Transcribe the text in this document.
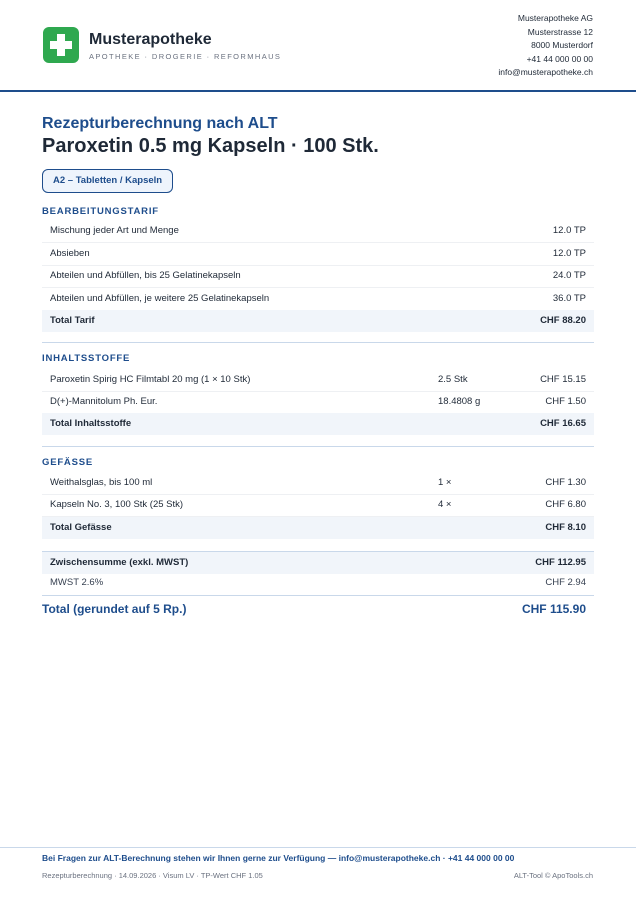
Musterapotheke
APOTHEKE · DROGERIE · REFORMHAUS
Musterapotheke AG
Musterstrasse 12
8000 Musterdorf
+41 44 000 00 00
info@musterapotheke.ch
Rezepturberechnung nach ALT
Paroxetin 0.5 mg Kapseln · 100 Stk.
A2 – Tabletten / Kapseln
BEARBEITUNGSTARIF
Mischung jeder Art und Menge	12.0 TP
Absieben	12.0 TP
Abteilen und Abfüllen, bis 25 Gelatinekapseln	24.0 TP
Abteilen und Abfüllen, je weitere 25 Gelatinekapseln	36.0 TP
Total Tarif	CHF 88.20
INHALTSSTOFFE
Paroxetin Spirig HC Filmtabl 20 mg (1 × 10 Stk)	2.5 Stk	CHF 15.15
D(+)-Mannitolum Ph. Eur.	18.4808 g	CHF 1.50
Total Inhaltsstoffe	CHF 16.65
GEFÄSSE
Weithalsglas, bis 100 ml	1 ×	CHF 1.30
Kapseln No. 3, 100 Stk (25 Stk)	4 ×	CHF 6.80
Total Gefässe	CHF 8.10
Zwischensumme (exkl. MWST)	CHF 112.95
MWST 2.6%	CHF 2.94
Total (gerundet auf 5 Rp.)	CHF 115.90
Bei Fragen zur ALT-Berechnung stehen wir Ihnen gerne zur Verfügung — info@musterapotheke.ch · +41 44 000 00 00
Rezepturberechnung · 14.09.2026 · Visum LV · TP-Wert CHF 1.05	ALT-Tool © ApoTools.ch
